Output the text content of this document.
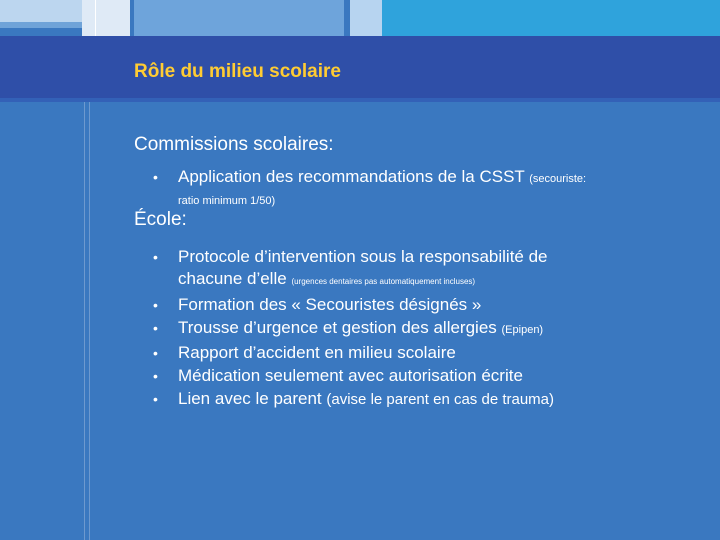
Rôle du milieu scolaire
Commissions scolaires:
• Application des recommandations de la CSST (secouriste:
ratio minimum 1/50)
École:
• Protocole d’intervention sous la responsabilité de
chacune d’elle (urgences dentaires pas automatiquement incluses)
• Formation des « Secouristes désignés »
• Trousse d’urgence et gestion des allergies (Epipen)
• Rapport d’accident en milieu scolaire
• Médication seulement avec autorisation écrite
• Lien avec le parent (avise le parent en cas de trauma)
